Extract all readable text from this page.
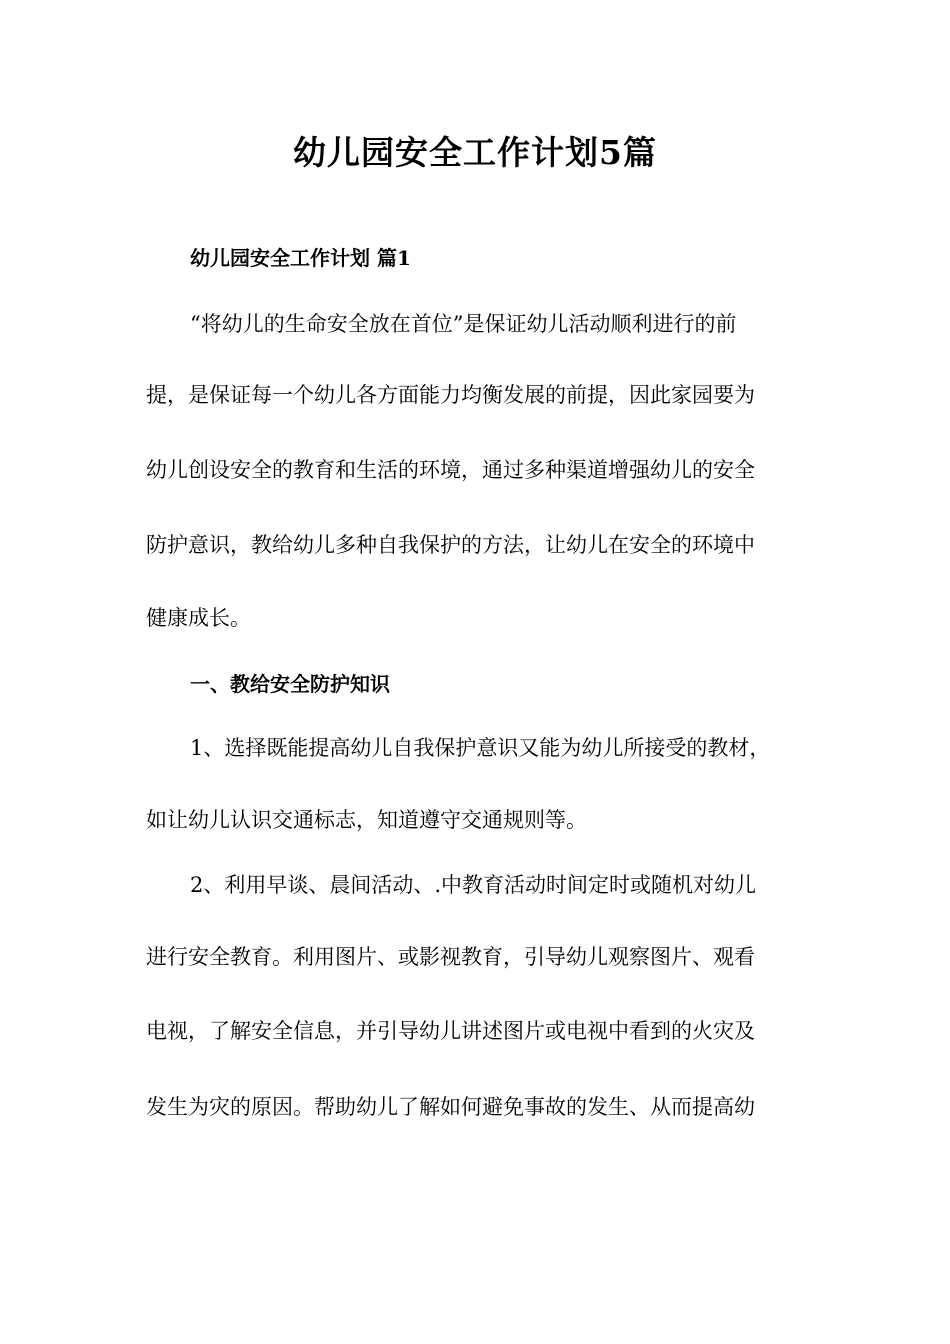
幼儿园安全工作计划5篇
幼儿园安全工作计划 篇1
“将幼儿的生命安全放在首位”是保证幼儿活动顺利进行的前
提，是保证每一个幼儿各方面能力均衡发展的前提，因此家园要为
幼儿创设安全的教育和生活的环境，通过多种渠道增强幼儿的安全
防护意识，教给幼儿多种自我保护的方法，让幼儿在安全的环境中
健康成长。
一、教给安全防护知识
1、选择既能提高幼儿自我保护意识又能为幼儿所接受的教材，
如让幼儿认识交通标志，知道遵守交通规则等。
2、利用早谈、晨间活动、.中教育活动时间定时或随机对幼儿
进行安全教育。利用图片、或影视教育，引导幼儿观察图片、观看
电视，了解安全信息，并引导幼儿讲述图片或电视中看到的火灾及
发生为灾的原因。帮助幼儿了解如何避免事故的发生、从而提高幼
